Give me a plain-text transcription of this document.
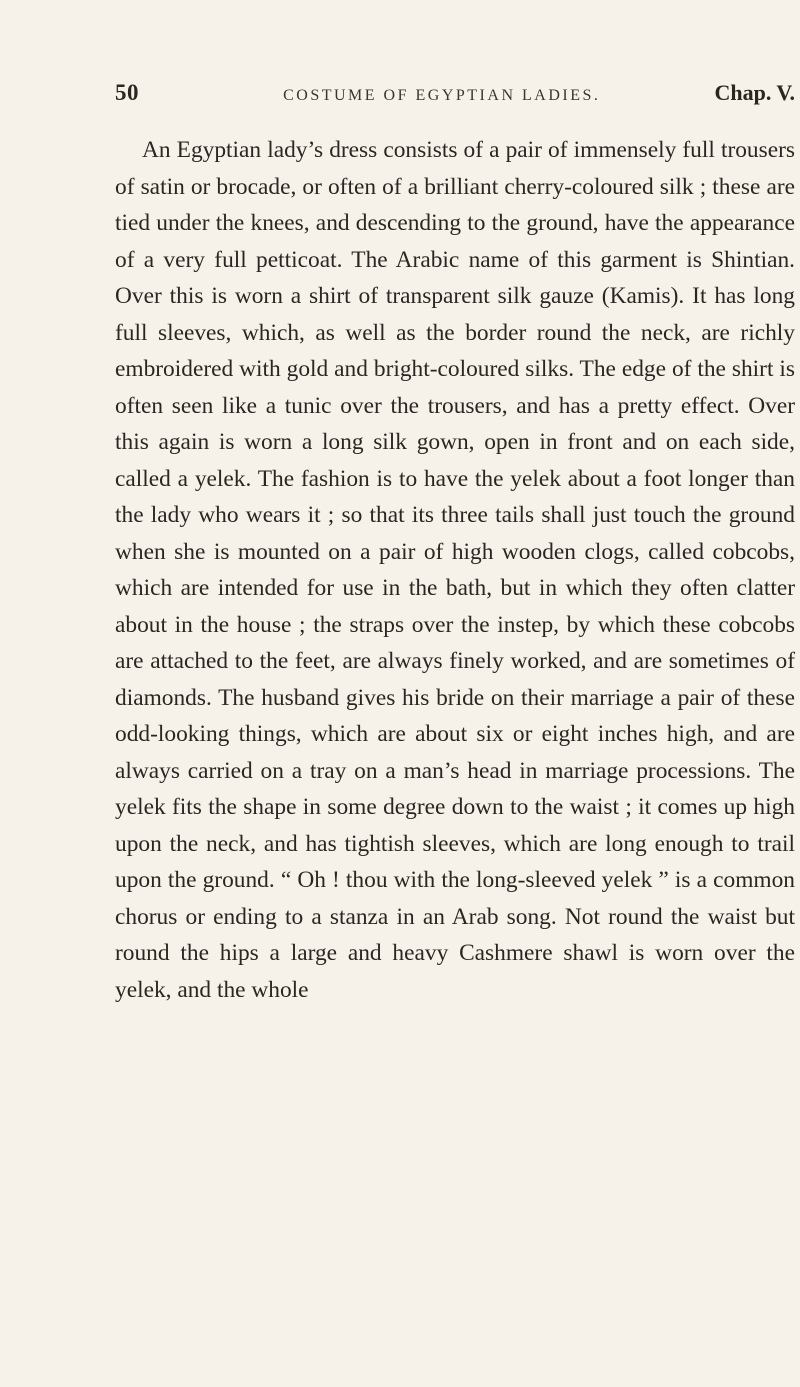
50	COSTUME OF EGYPTIAN LADIES.	Chap. V.

An Egyptian lady’s dress consists of a pair of immensely full trousers of satin or brocade, or often of a brilliant cherry-coloured silk ; these are tied under the knees, and descending to the ground, have the appearance of a very full petticoat. The Arabic name of this garment is Shintian. Over this is worn a shirt of transparent silk gauze (Kamis). It has long full sleeves, which, as well as the border round the neck, are richly embroidered with gold and bright-coloured silks. The edge of the shirt is often seen like a tunic over the trousers, and has a pretty effect. Over this again is worn a long silk gown, open in front and on each side, called a yelek. The fashion is to have the yelek about a foot longer than the lady who wears it ; so that its three tails shall just touch the ground when she is mounted on a pair of high wooden clogs, called cobcobs, which are intended for use in the bath, but in which they often clatter about in the house ; the straps over the instep, by which these cobcobs are attached to the feet, are always finely worked, and are sometimes of diamonds. The husband gives his bride on their marriage a pair of these odd-looking things, which are about six or eight inches high, and are always carried on a tray on a man’s head in marriage processions. The yelek fits the shape in some degree down to the waist ; it comes up high upon the neck, and has tightish sleeves, which are long enough to trail upon the ground. “ Oh ! thou with the long-sleeved yelek ” is a common chorus or ending to a stanza in an Arab song. Not round the waist but round the hips a large and heavy Cashmere shawl is worn over the yelek, and the whole
